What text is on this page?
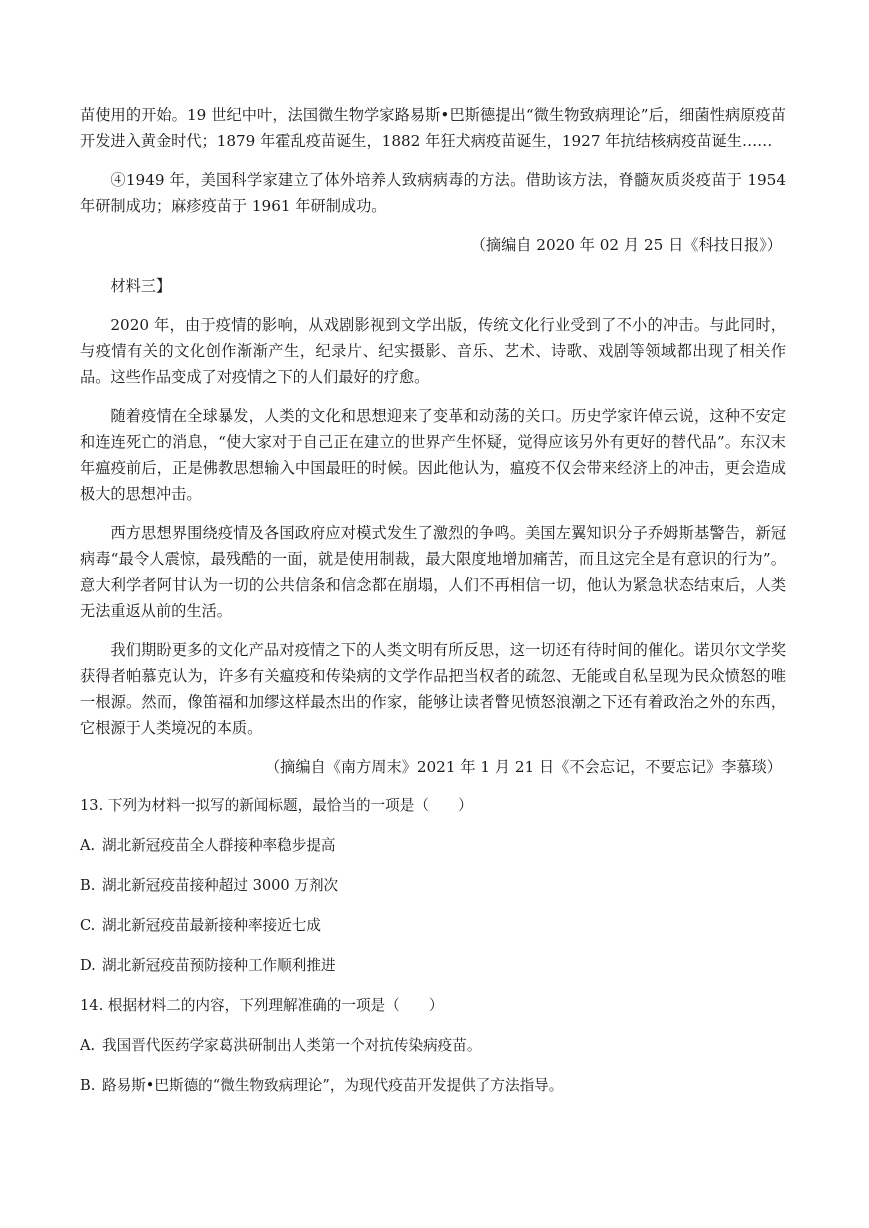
苗使用的开始。19 世纪中叶，法国微生物学家路易斯•巴斯德提出“微生物致病理论”后，细菌性病原疫苗开发进入黄金时代；1879 年霍乱疫苗诞生，1882 年狂犬病疫苗诞生，1927 年抗结核病疫苗诞生……

④1949 年，美国科学家建立了体外培养人致病病毒的方法。借助该方法，脊髓灰质炎疫苗于 1954 年研制成功；麻疹疫苗于 1961 年研制成功。

（摘编自 2020 年 02 月 25 日《科技日报》）

材料三】

2020 年，由于疫情的影响，从戏剧影视到文学出版，传统文化行业受到了不小的冲击。与此同时，与疫情有关的文化创作渐渐产生，纪录片、纪实摄影、音乐、艺术、诗歌、戏剧等领域都出现了相关作品。这些作品变成了对疫情之下的人们最好的疗愈。

随着疫情在全球暴发，人类的文化和思想迎来了变革和动荡的关口。历史学家许倬云说，这种不安定和连连死亡的消息，“使大家对于自己正在建立的世界产生怀疑，觉得应该另外有更好的替代品”。东汉末年瘟疫前后，正是佛教思想输入中国最旺的时候。因此他认为，瘟疫不仅会带来经济上的冲击，更会造成极大的思想冲击。

西方思想界围绕疫情及各国政府应对模式发生了激烈的争鸣。美国左翼知识分子乔姆斯基警告，新冠病毒“最令人震惊，最残酷的一面，就是使用制裁，最大限度地增加痛苦，而且这完全是有意识的行为”。意大利学者阿甘认为一切的公共信条和信念都在崩塌，人们不再相信一切，他认为紧急状态结束后，人类无法重返从前的生活。

我们期盼更多的文化产品对疫情之下的人类文明有所反思，这一切还有待时间的催化。诺贝尔文学奖获得者帕慕克认为，许多有关瘟疫和传染病的文学作品把当权者的疏忽、无能或自私呈现为民众愤怒的唯一根源。然而，像笛福和加缪这样最杰出的作家，能够让读者瞥见愤怒浪潮之下还有着政治之外的东西，它根源于人类境况的本质。

（摘编自《南方周末》2021 年 1 月 21 日《不会忘记，不要忘记》李慕琰）

13. 下列为材料一拟写的新闻标题，最恰当的一项是（　　）

A. 湖北新冠疫苗全人群接种率稳步提高

B. 湖北新冠疫苗接种超过 3000 万剂次

C. 湖北新冠疫苗最新接种率接近七成

D. 湖北新冠疫苗预防接种工作顺利推进

14. 根据材料二的内容，下列理解准确的一项是（　　）

A. 我国晋代医药学家葛洪研制出人类第一个对抗传染病疫苗。

B. 路易斯•巴斯德的“微生物致病理论”，为现代疫苗开发提供了方法指导。
